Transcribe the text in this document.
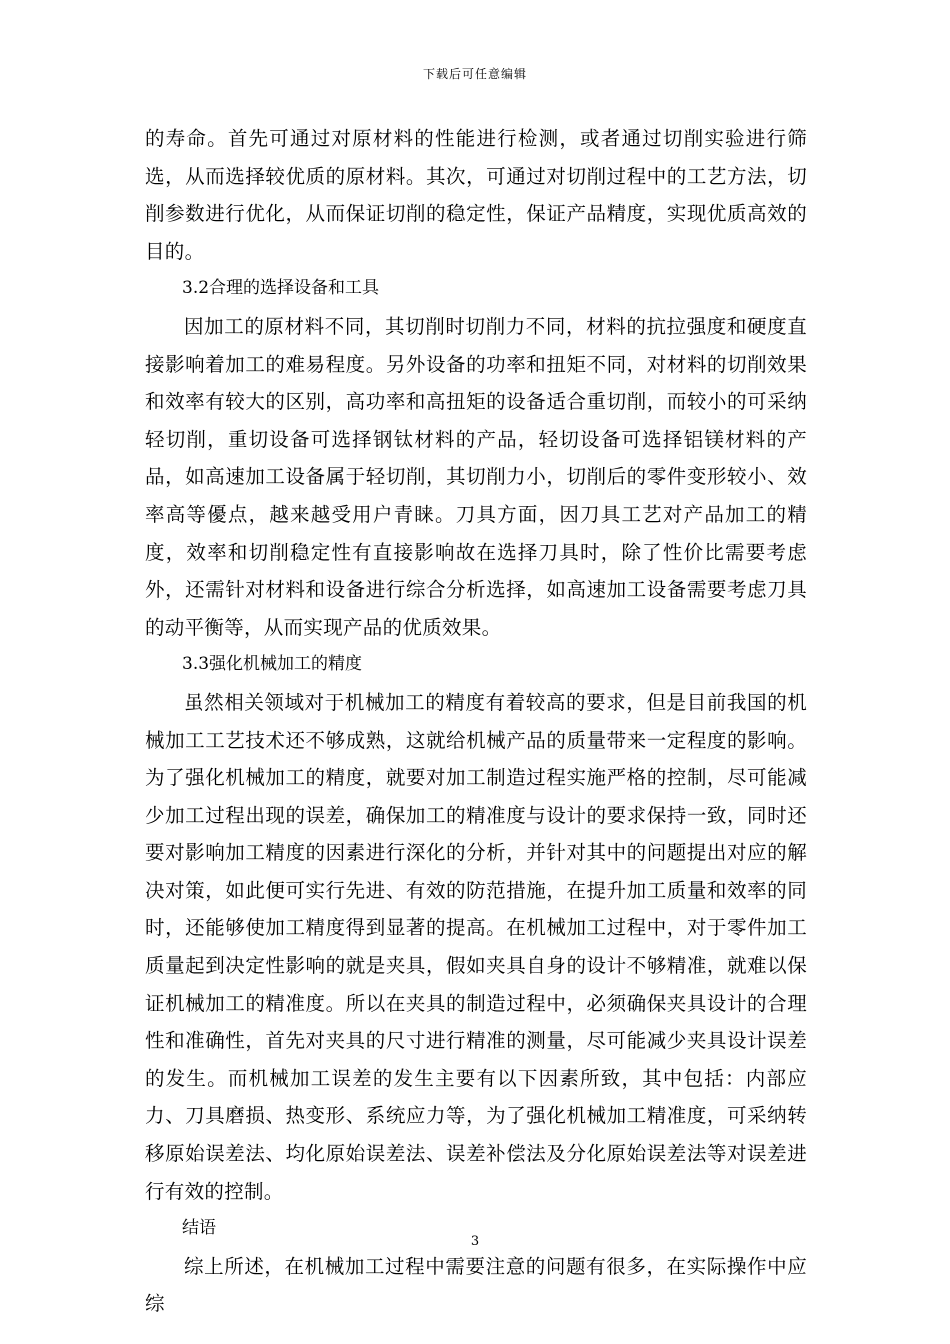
下载后可任意编辑

的寿命。首先可通过对原材料的性能进行检测，或者通过切削实验进行筛选，从而选择较优质的原材料。其次，可通过对切削过程中的工艺方法，切削参数进行优化，从而保证切削的稳定性，保证产品精度，实现优质高效的目的。

3.2合理的选择设备和工具

因加工的原材料不同，其切削时切削力不同，材料的抗拉强度和硬度直接影响着加工的难易程度。另外设备的功率和扭矩不同，对材料的切削效果和效率有较大的区别，高功率和高扭矩的设备适合重切削，而较小的可采纳轻切削，重切设备可选择钢钛材料的产品，轻切设备可选择铝镁材料的产品，如高速加工设备属于轻切削，其切削力小，切削后的零件变形较小、效率高等優点，越来越受用户青睐。刀具方面，因刀具工艺对产品加工的精度，效率和切削稳定性有直接影响故在选择刀具时，除了性价比需要考虑外，还需针对材料和设备进行综合分析选择，如高速加工设备需要考虑刀具的动平衡等，从而实现产品的优质效果。

3.3强化机械加工的精度

虽然相关领域对于机械加工的精度有着较高的要求，但是目前我国的机械加工工艺技术还不够成熟，这就给机械产品的质量带来一定程度的影响。为了强化机械加工的精度，就要对加工制造过程实施严格的控制，尽可能减少加工过程出现的误差，确保加工的精准度与设计的要求保持一致，同时还要对影响加工精度的因素进行深化的分析，并针对其中的问题提出对应的解决对策，如此便可实行先进、有效的防范措施，在提升加工质量和效率的同时，还能够使加工精度得到显著的提高。在机械加工过程中，对于零件加工质量起到决定性影响的就是夹具，假如夹具自身的设计不够精准，就难以保证机械加工的精准度。所以在夹具的制造过程中，必须确保夹具设计的合理性和准确性，首先对夹具的尺寸进行精准的测量，尽可能减少夹具设计误差的发生。而机械加工误差的发生主要有以下因素所致，其中包括：内部应力、刀具磨损、热变形、系统应力等，为了强化机械加工精准度，可采纳转移原始误差法、均化原始误差法、误差补偿法及分化原始误差法等对误差进行有效的控制。

结语

综上所述，在机械加工过程中需要注意的问题有很多，在实际操作中应综

3
